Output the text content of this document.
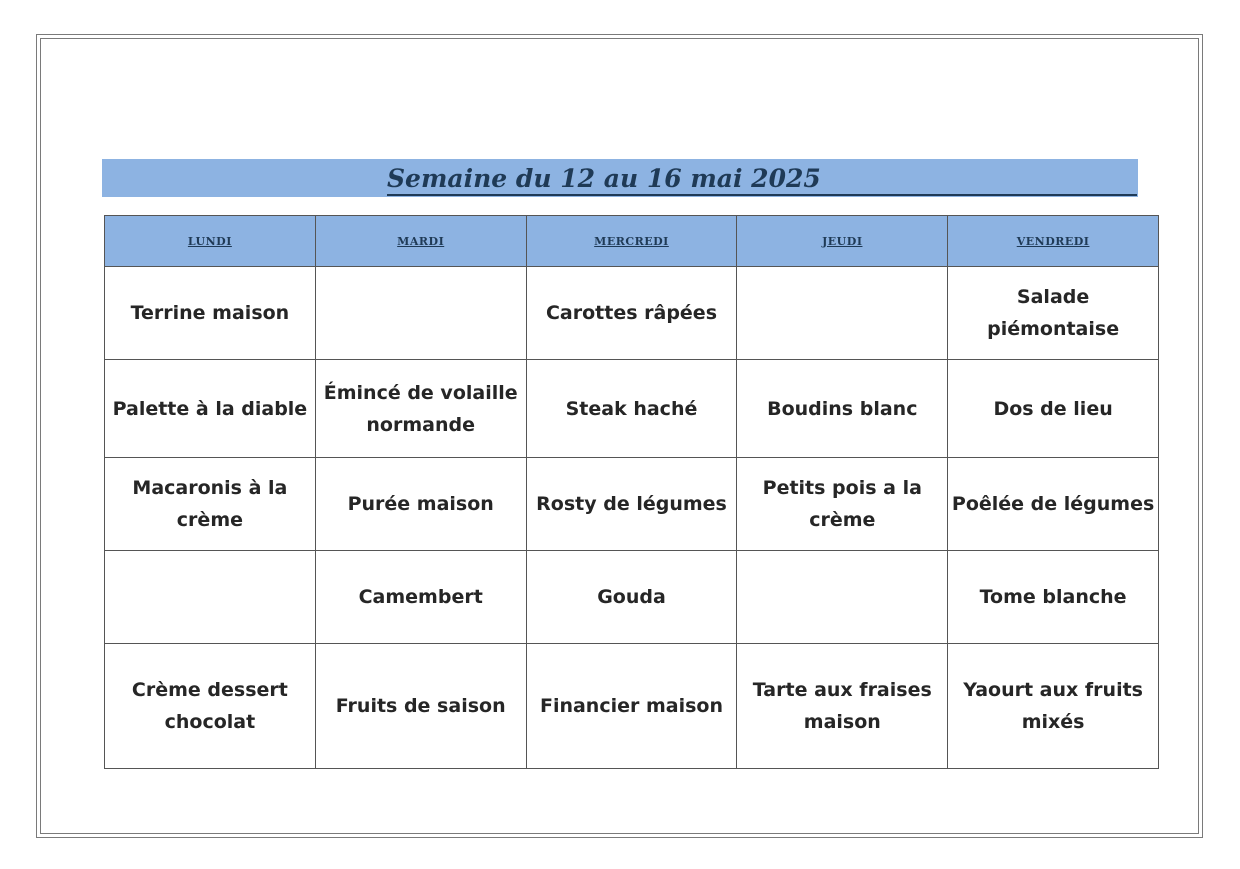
Semaine du 12 au 16 mai 2025
LUNDI	MARDI	MERCREDI	JEUDI	VENDREDI
Terrine maison		Carottes râpées		Salade piémontaise
Palette à la diable	Émincé de volaille normande	Steak haché	Boudins blanc	Dos de lieu
Macaronis à la crème	Purée maison	Rosty de légumes	Petits pois a la crème	Poêlée de légumes
	Camembert	Gouda		Tome blanche
Crème dessert chocolat	Fruits de saison	Financier maison	Tarte aux fraises maison	Yaourt aux fruits mixés
